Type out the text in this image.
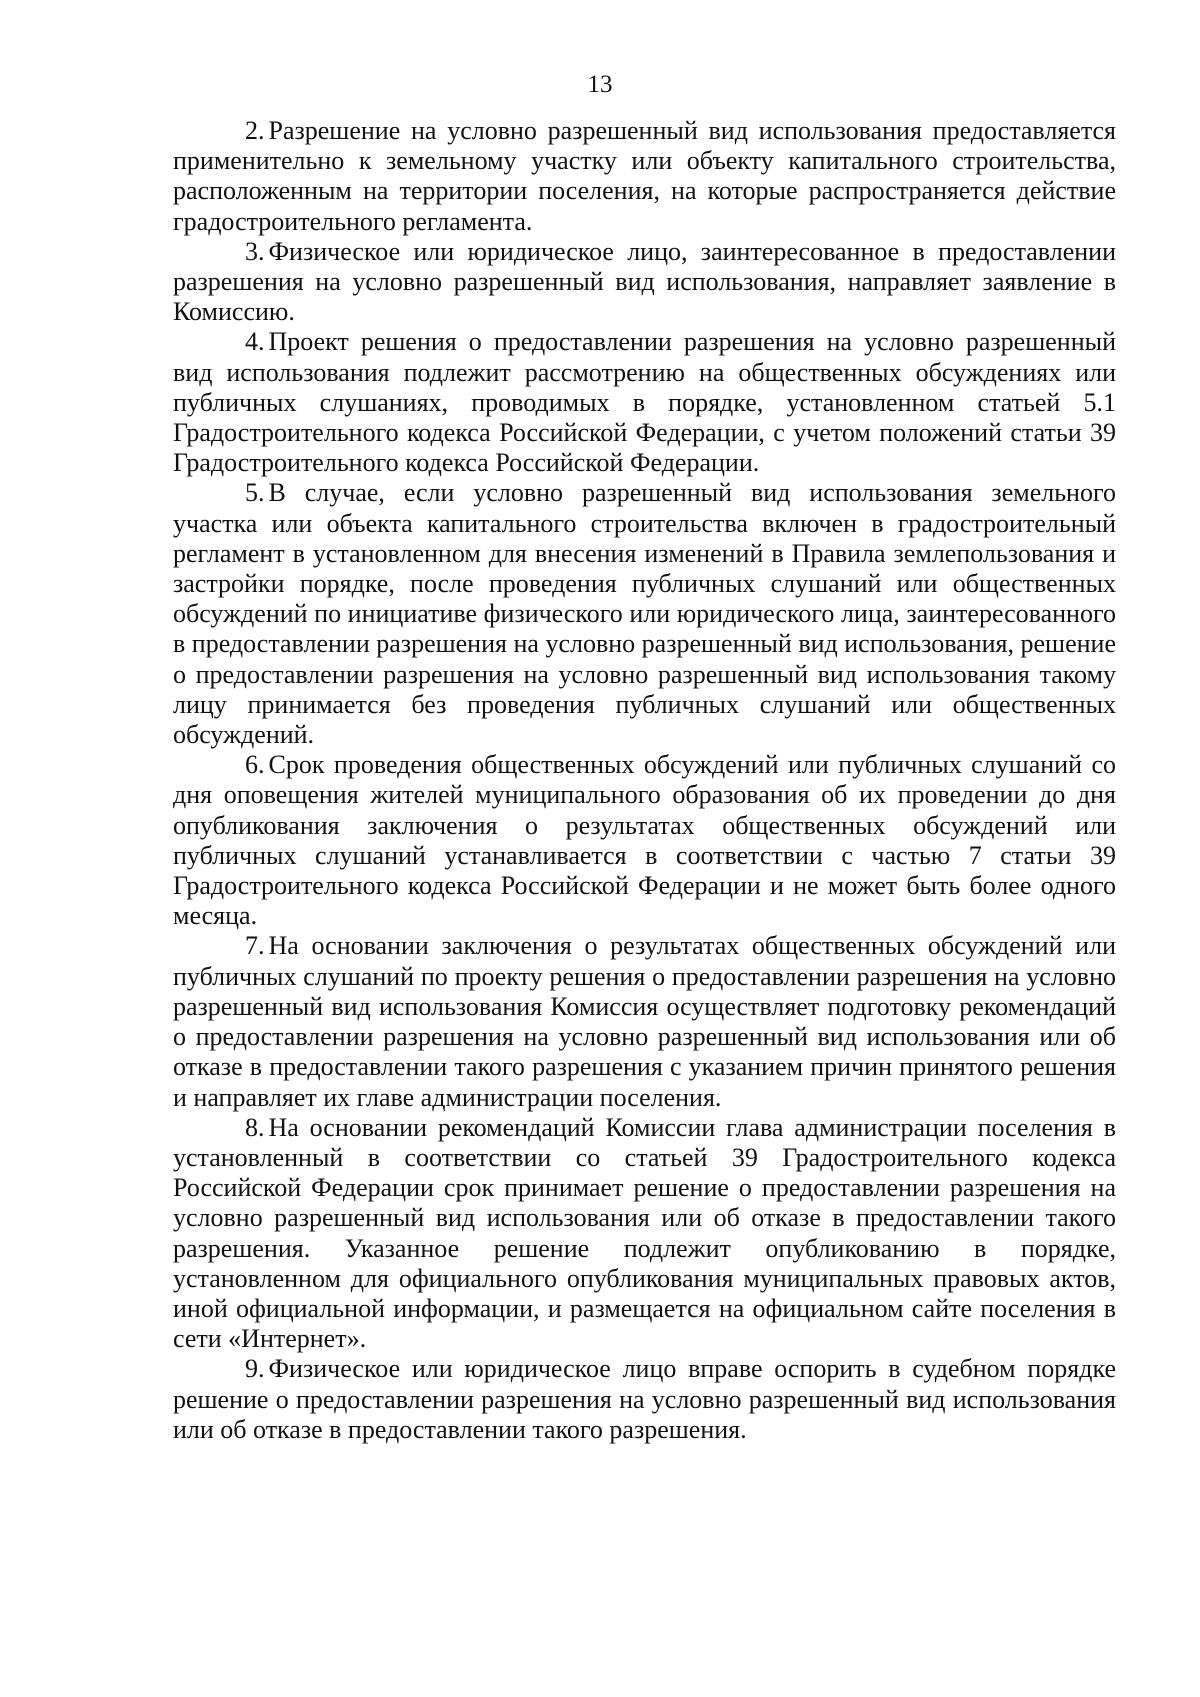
13

2. Разрешение на условно разрешенный вид использования предоставляется применительно к земельному участку или объекту капитального строительства, расположенным на территории поселения, на которые распространяется действие градостроительного регламента.

3. Физическое или юридическое лицо, заинтересованное в предоставлении разрешения на условно разрешенный вид использования, направляет заявление в Комиссию.

4. Проект решения о предоставлении разрешения на условно разрешенный вид использования подлежит рассмотрению на общественных обсуждениях или публичных слушаниях, проводимых в порядке, установленном статьей 5.1 Градостроительного кодекса Российской Федерации, с учетом положений статьи 39 Градостроительного кодекса Российской Федерации.

5. В случае, если условно разрешенный вид использования земельного участка или объекта капитального строительства включен в градостроительный регламент в установленном для внесения изменений в Правила землепользования и застройки порядке, после проведения публичных слушаний или общественных обсуждений по инициативе физического или юридического лица, заинтересованного в предоставлении разрешения на условно разрешенный вид использования, решение о предоставлении разрешения на условно разрешенный вид использования такому лицу принимается без проведения публичных слушаний или общественных обсуждений.

6. Срок проведения общественных обсуждений или публичных слушаний со дня оповещения жителей муниципального образования об их проведении до дня опубликования заключения о результатах общественных обсуждений или публичных слушаний устанавливается в соответствии с частью 7 статьи 39 Градостроительного кодекса Российской Федерации и не может быть более одного месяца.

7. На основании заключения о результатах общественных обсуждений или публичных слушаний по проекту решения о предоставлении разрешения на условно разрешенный вид использования Комиссия осуществляет подготовку рекомендаций о предоставлении разрешения на условно разрешенный вид использования или об отказе в предоставлении такого разрешения с указанием причин принятого решения и направляет их главе администрации поселения.

8. На основании рекомендаций Комиссии глава администрации поселения в установленный в соответствии со статьей 39 Градостроительного кодекса Российской Федерации срок принимает решение о предоставлении разрешения на условно разрешенный вид использования или об отказе в предоставлении такого разрешения. Указанное решение подлежит опубликованию в порядке, установленном для официального опубликования муниципальных правовых актов, иной официальной информации, и размещается на официальном сайте поселения в сети «Интернет».

9. Физическое или юридическое лицо вправе оспорить в судебном порядке решение о предоставлении разрешения на условно разрешенный вид использования или об отказе в предоставлении такого разрешения.
